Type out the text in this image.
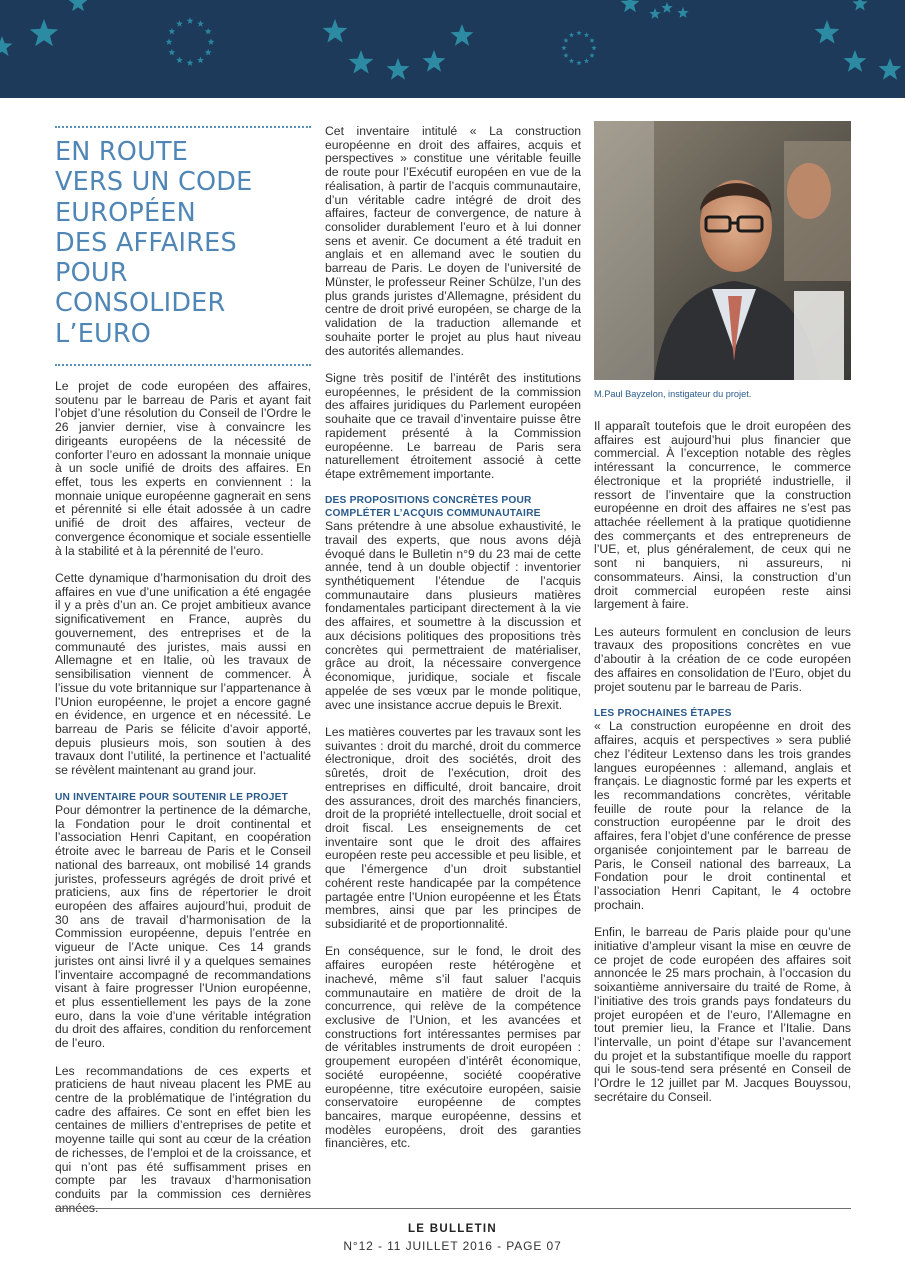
EN ROUTE
VERS UN CODE
EUROPÉEN
DES AFFAIRES
POUR
CONSOLIDER
L’EURO

Le projet de code européen des affaires, soutenu par le barreau de Paris et ayant fait l’objet d’une résolution du Conseil de l’Ordre le 26 janvier dernier, vise à convaincre les dirigeants européens de la nécessité de conforter l’euro en adossant la monnaie unique à un socle unifié de droits des affaires. En effet, tous les experts en conviennent : la monnaie unique européenne gagnerait en sens et pérennité si elle était adossée à un cadre unifié de droit des affaires, vecteur de convergence économique et sociale essentielle à la stabilité et à la pérennité de l’euro.

Cette dynamique d’harmonisation du droit des affaires en vue d’une unification a été engagée il y a près d’un an. Ce projet ambitieux avance significativement en France, auprès du gouvernement, des entreprises et de la communauté des juristes, mais aussi en Allemagne et en Italie, où les travaux de sensibilisation viennent de commencer. À l’issue du vote britannique sur l’appartenance à l’Union européenne, le projet a encore gagné en évidence, en urgence et en nécessité. Le barreau de Paris se félicite d’avoir apporté, depuis plusieurs mois, son soutien à des travaux dont l’utilité, la pertinence et l’actualité se révèlent maintenant au grand jour.

UN INVENTAIRE POUR SOUTENIR LE PROJET

Pour démontrer la pertinence de la démarche, la Fondation pour le droit continental et l’association Henri Capitant, en coopération étroite avec le barreau de Paris et le Conseil national des barreaux, ont mobilisé 14 grands juristes, professeurs agrégés de droit privé et praticiens, aux fins de répertorier le droit européen des affaires aujourd’hui, produit de 30 ans de travail d’harmonisation de la Commission européenne, depuis l’entrée en vigueur de l’Acte unique. Ces 14 grands juristes ont ainsi livré il y a quelques semaines l’inventaire accompagné de recommandations visant à faire progresser l’Union européenne, et plus essentiellement les pays de la zone euro, dans la voie d’une véritable intégration du droit des affaires, condition du renforcement de l’euro.

Les recommandations de ces experts et praticiens de haut niveau placent les PME au centre de la problématique de l’intégration du cadre des affaires. Ce sont en effet bien les centaines de milliers d’entreprises de petite et moyenne taille qui sont au cœur de la création de richesses, de l’emploi et de la croissance, et qui n’ont pas été suffisamment prises en compte par les travaux d’harmonisation conduits par la commission ces dernières années.

Cet inventaire intitulé « La construction européenne en droit des affaires, acquis et perspectives » constitue une véritable feuille de route pour l’Exécutif européen en vue de la réalisation, à partir de l’acquis communautaire, d’un véritable cadre intégré de droit des affaires, facteur de convergence, de nature à consolider durablement l’euro et à lui donner sens et avenir. Ce document a été traduit en anglais et en allemand avec le soutien du barreau de Paris. Le doyen de l’université de Münster, le professeur Reiner Schülze, l’un des plus grands juristes d’Allemagne, président du centre de droit privé européen, se charge de la validation de la traduction allemande et souhaite porter le projet au plus haut niveau des autorités allemandes.

Signe très positif de l’intérêt des institutions européennes, le président de la commission des affaires juridiques du Parlement européen souhaite que ce travail d’inventaire puisse être rapidement présenté à la Commission européenne. Le barreau de Paris sera naturellement étroitement associé à cette étape extrêmement importante.

DES PROPOSITIONS CONCRÈTES POUR COMPLÉTER L’ACQUIS COMMUNAUTAIRE

Sans prétendre à une absolue exhaustivité, le travail des experts, que nous avons déjà évoqué dans le Bulletin n°9 du 23 mai de cette année, tend à un double objectif : inventorier synthétiquement l’étendue de l’acquis communautaire dans plusieurs matières fondamentales participant directement à la vie des affaires, et soumettre à la discussion et aux décisions politiques des propositions très concrètes qui permettraient de matérialiser, grâce au droit, la nécessaire convergence économique, juridique, sociale et fiscale appelée de ses vœux par le monde politique, avec une insistance accrue depuis le Brexit.

Les matières couvertes par les travaux sont les suivantes : droit du marché, droit du commerce électronique, droit des sociétés, droit des sûretés, droit de l’exécution, droit des entreprises en difficulté, droit bancaire, droit des assurances, droit des marchés financiers, droit de la propriété intellectuelle, droit social et droit fiscal. Les enseignements de cet inventaire sont que le droit des affaires européen reste peu accessible et peu lisible, et que l’émergence d’un droit substantiel cohérent reste handicapée par la compétence partagée entre l’Union européenne et les États membres, ainsi que par les principes de subsidiarité et de proportionnalité.

En conséquence, sur le fond, le droit des affaires européen reste hétérogène et inachevé, même s’il faut saluer l’acquis communautaire en matière de droit de la concurrence, qui relève de la compétence exclusive de l’Union, et les avancées et constructions fort intéressantes permises par de véritables instruments de droit européen : groupement européen d’intérêt économique, société européenne, société coopérative européenne, titre exécutoire européen, saisie conservatoire européenne de comptes bancaires, marque européenne, dessins et modèles européens, droit des garanties financières, etc.

M.Paul Bayzelon, instigateur du projet.

Il apparaît toutefois que le droit européen des affaires est aujourd’hui plus financier que commercial. À l’exception notable des règles intéressant la concurrence, le commerce électronique et la propriété industrielle, il ressort de l’inventaire que la construction européenne en droit des affaires ne s’est pas attachée réellement à la pratique quotidienne des commerçants et des entrepreneurs de l’UE, et, plus généralement, de ceux qui ne sont ni banquiers, ni assureurs, ni consommateurs. Ainsi, la construction d’un droit commercial européen reste ainsi largement à faire.

Les auteurs formulent en conclusion de leurs travaux des propositions concrètes en vue d’aboutir à la création de ce code européen des affaires en consolidation de l’Euro, objet du projet soutenu par le barreau de Paris.

LES PROCHAINES ÉTAPES

« La construction européenne en droit des affaires, acquis et perspectives » sera publié chez l’éditeur Lextenso dans les trois grandes langues européennes : allemand, anglais et français. Le diagnostic formé par les experts et les recommandations concrètes, véritable feuille de route pour la relance de la construction européenne par le droit des affaires, fera l’objet d’une conférence de presse organisée conjointement par le barreau de Paris, le Conseil national des barreaux, La Fondation pour le droit continental et l’association Henri Capitant, le 4 octobre prochain.

Enfin, le barreau de Paris plaide pour qu’une initiative d’ampleur visant la mise en œuvre de ce projet de code européen des affaires soit annoncée le 25 mars prochain, à l’occasion du soixantième anniversaire du traité de Rome, à l’initiative des trois grands pays fondateurs du projet européen et de l’euro, l’Allemagne en tout premier lieu, la France et l’Italie. Dans l’intervalle, un point d’étape sur l’avancement du projet et la substantifique moelle du rapport qui le sous-tend sera présenté en Conseil de l’Ordre le 12 juillet par M. Jacques Bouyssou, secrétaire du Conseil.

LE BULLETIN
N°12 - 11 JUILLET 2016 - PAGE 07
